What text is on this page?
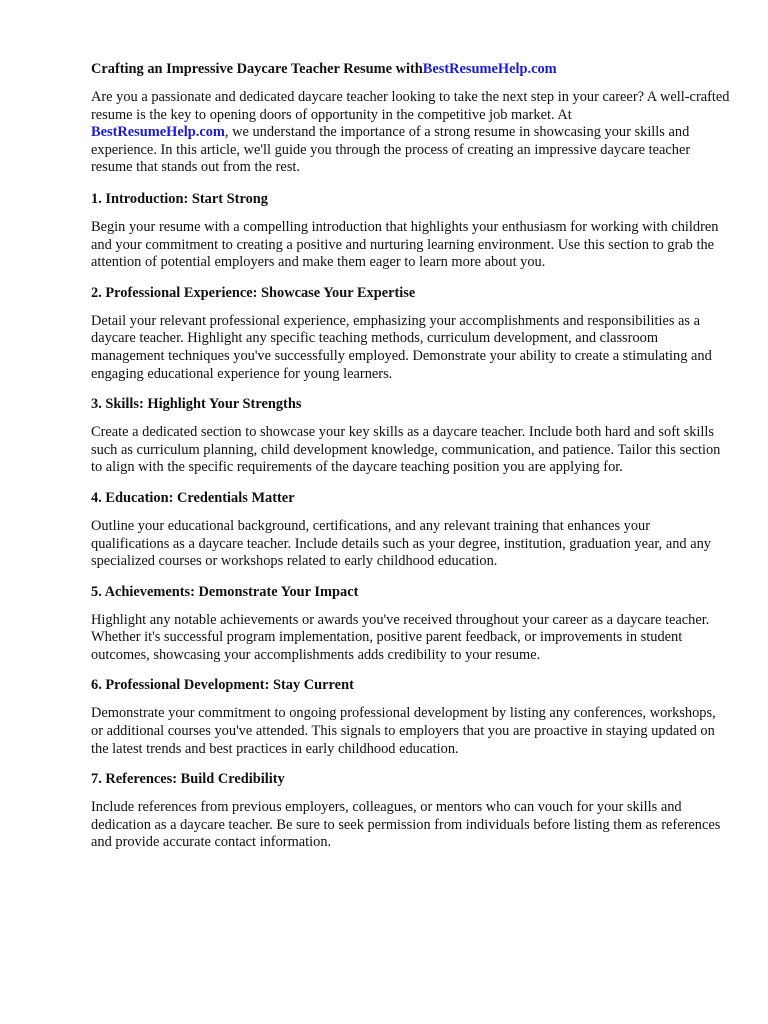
Crafting an Impressive Daycare Teacher Resume withBestResumeHelp.com

Are you a passionate and dedicated daycare teacher looking to take the next step in your career? A well-crafted resume is the key to opening doors of opportunity in the competitive job market. At
BestResumeHelp.com, we understand the importance of a strong resume in showcasing your skills and experience. In this article, we'll guide you through the process of creating an impressive daycare teacher resume that stands out from the rest.

1. Introduction: Start Strong

Begin your resume with a compelling introduction that highlights your enthusiasm for working with children and your commitment to creating a positive and nurturing learning environment. Use this section to grab the attention of potential employers and make them eager to learn more about you.

2. Professional Experience: Showcase Your Expertise

Detail your relevant professional experience, emphasizing your accomplishments and responsibilities as a daycare teacher. Highlight any specific teaching methods, curriculum development, and classroom management techniques you've successfully employed. Demonstrate your ability to create a stimulating and engaging educational experience for young learners.

3. Skills: Highlight Your Strengths

Create a dedicated section to showcase your key skills as a daycare teacher. Include both hard and soft skills such as curriculum planning, child development knowledge, communication, and patience. Tailor this section to align with the specific requirements of the daycare teaching position you are applying for.

4. Education: Credentials Matter

Outline your educational background, certifications, and any relevant training that enhances your qualifications as a daycare teacher. Include details such as your degree, institution, graduation year, and any specialized courses or workshops related to early childhood education.

5. Achievements: Demonstrate Your Impact

Highlight any notable achievements or awards you've received throughout your career as a daycare teacher. Whether it's successful program implementation, positive parent feedback, or improvements in student outcomes, showcasing your accomplishments adds credibility to your resume.

6. Professional Development: Stay Current

Demonstrate your commitment to ongoing professional development by listing any conferences, workshops, or additional courses you've attended. This signals to employers that you are proactive in staying updated on the latest trends and best practices in early childhood education.

7. References: Build Credibility

Include references from previous employers, colleagues, or mentors who can vouch for your skills and dedication as a daycare teacher. Be sure to seek permission from individuals before listing them as references and provide accurate contact information.
